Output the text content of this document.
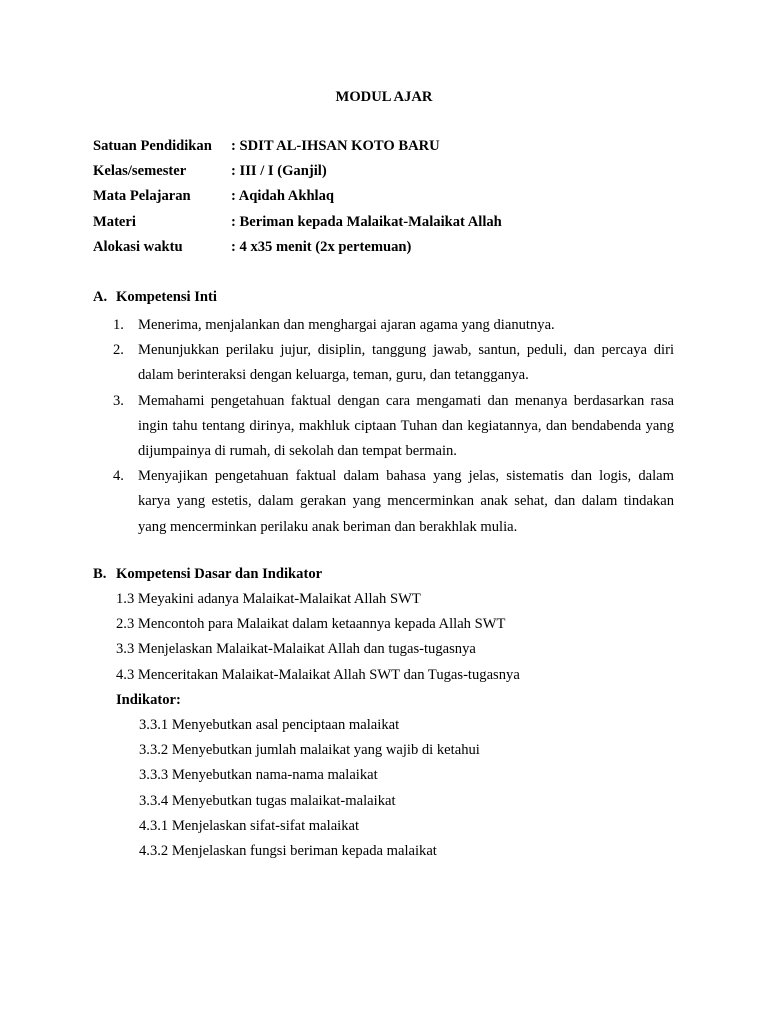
MODUL AJAR
Satuan Pendidikan	: SDIT AL-IHSAN KOTO BARU
Kelas/semester	: III / I (Ganjil)
Mata Pelajaran	: Aqidah Akhlaq
Materi	: Beriman kepada Malaikat-Malaikat Allah
Alokasi waktu	: 4 x35 menit (2x pertemuan)
A. Kompetensi Inti
1. Menerima, menjalankan dan menghargai ajaran agama yang dianutnya.
2. Menunjukkan perilaku jujur, disiplin, tanggung jawab, santun, peduli, dan percaya diri dalam berinteraksi dengan keluarga, teman, guru, dan tetangganya.
3. Memahami pengetahuan faktual dengan cara mengamati dan menanya berdasarkan rasa ingin tahu tentang dirinya, makhluk ciptaan Tuhan dan kegiatannya, dan bendabenda yang dijumpainya di rumah, di sekolah dan tempat bermain.
4. Menyajikan pengetahuan faktual dalam bahasa yang jelas, sistematis dan logis, dalam karya yang estetis, dalam gerakan yang mencerminkan anak sehat, dan dalam tindakan yang mencerminkan perilaku anak beriman dan berakhlak mulia.
B. Kompetensi Dasar dan Indikator
1.3 Meyakini adanya Malaikat-Malaikat Allah SWT
2.3 Mencontoh para Malaikat dalam ketaannya kepada Allah SWT
3.3 Menjelaskan Malaikat-Malaikat Allah dan tugas-tugasnya
4.3 Menceritakan Malaikat-Malaikat Allah SWT dan Tugas-tugasnya
Indikator:
3.3.1 Menyebutkan asal penciptaan malaikat
3.3.2 Menyebutkan jumlah malaikat yang wajib di ketahui
3.3.3 Menyebutkan nama-nama malaikat
3.3.4 Menyebutkan tugas malaikat-malaikat
4.3.1 Menjelaskan sifat-sifat malaikat
4.3.2 Menjelaskan fungsi beriman kepada malaikat
